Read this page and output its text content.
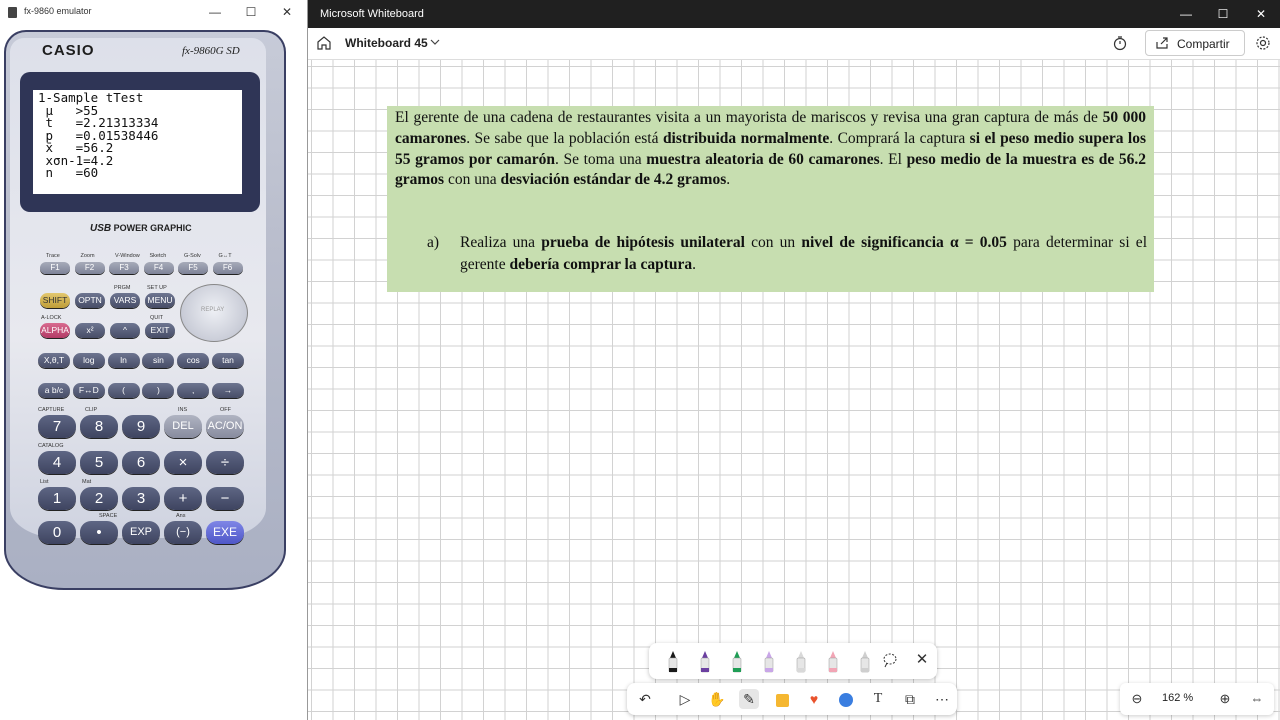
fx-9860 emulator	—	☐	✕
CASIO	fx-9860G SD
1-Sample tTest
μ   >55
t   =2.21313334
p   =0.01538446
x̄   =56.2
xσn-1=4.2
n   =60
USB POWER GRAPHIC
F1
Trace
F2
Zoom
F3
V-Window
F4
Sketch
F5
G-Solv
F6
G↔T
SHIFT	OPTN	VARS	MENU
PRGM	SET UP
ALPHA	x²	^	EXIT
A-LOCK	QUIT
X,θ,T	log	ln	sin	cos	tan
a b/c	F↔D	(	)	,	→
7	8	9	DEL	AC/ON
4	5	6	×	÷
1	2	3	+	−
0	•	EXP	(−)	EXE
CAPTURE	CLIP	INS	OFF
CATALOG
List	Mat
SPACE	Ans
REPLAY
Microsoft Whiteboard	—	☐	✕
Whiteboard 45	Compartir

El gerente de una cadena de restaurantes visita a un mayorista de mariscos y revisa una gran captura de más de 50 000 camarones. Se sabe que la población está distribuida normalmente. Comprará la captura si el peso medio supera los 55 gramos por camarón. Se toma una muestra aleatoria de 60 camarones. El peso medio de la muestra es de 56.2 gramos con una desviación estándar de 4.2 gramos.

a) Realiza una prueba de hipótesis unilateral con un nivel de significancia α = 0.05 para determinar si el gerente debería comprar la captura.
✕
↶	▷	✋ ✎	♥	T	⧉	⋯	⊖	162 % ⊕ ⇔
